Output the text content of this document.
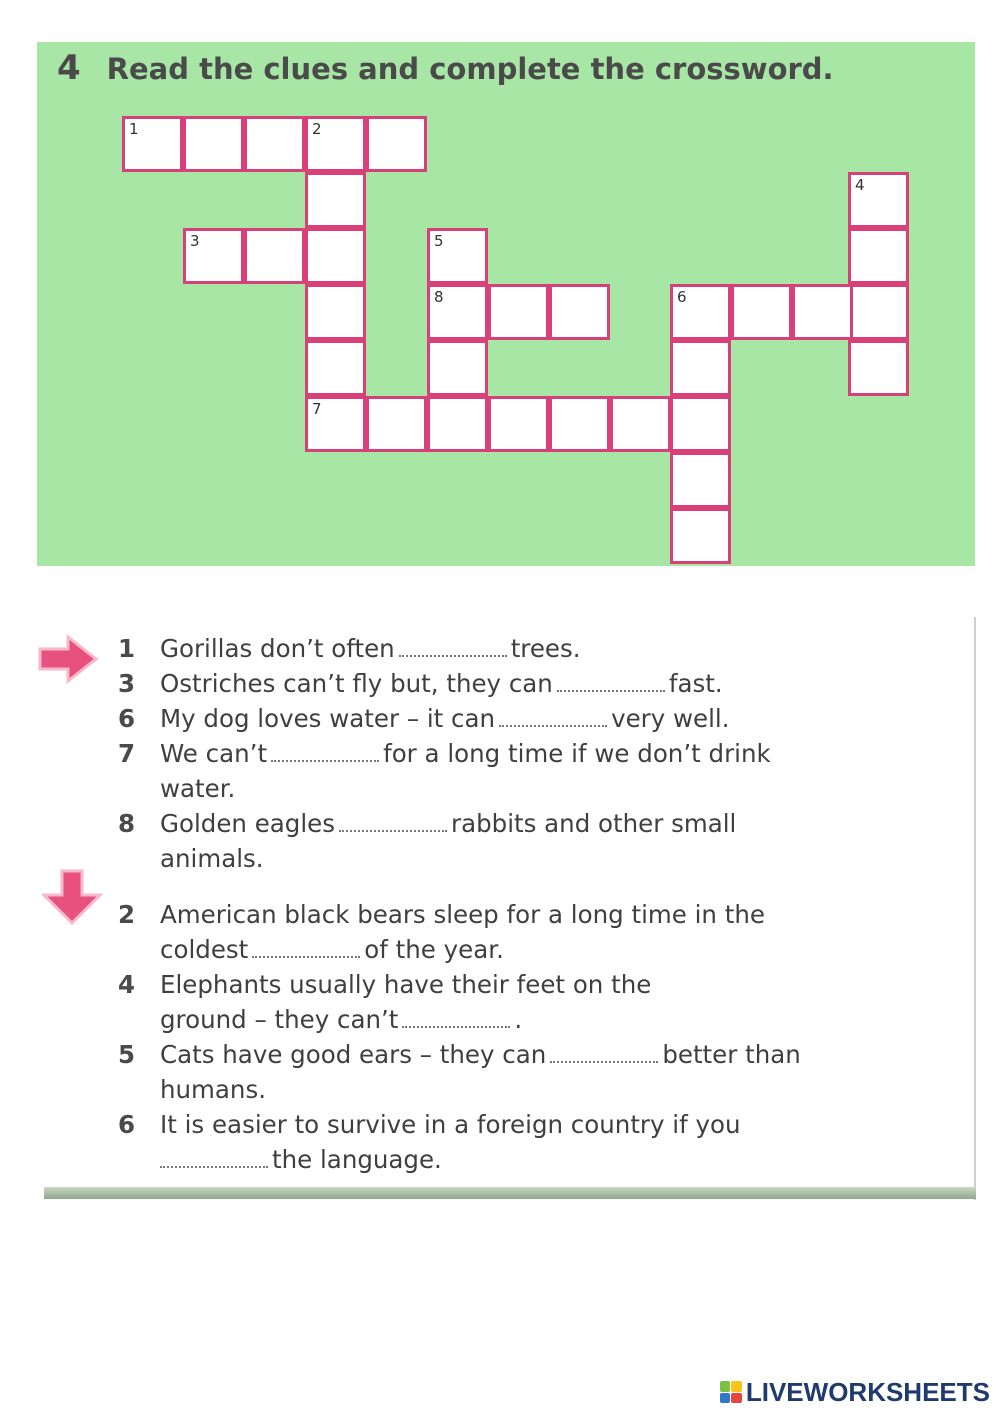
4 Read the clues and complete the crossword.
1	2
4
3	5
8	6
7
1 Gorillas don’t often	trees.
3 Ostriches can’t fly but, they can	fast.
6 My dog loves water – it can	very well.
7 We can’t	for a long time if we don’t drink
water.
8 Golden eagles	rabbits and other small
animals.
2 American black bears sleep for a long time in the
coldest	of the year.
4 Elephants usually have their feet on the
ground – they can’t	.
5 Cats have good ears – they can	better than
humans.
6 It is easier to survive in a foreign country if you
the language.
LIVEWORKSHEETS
